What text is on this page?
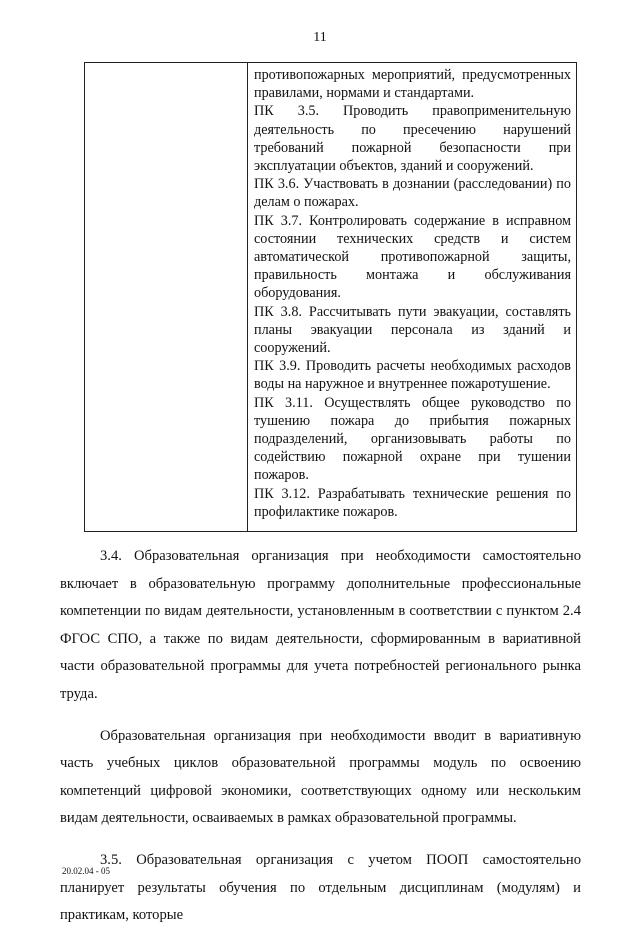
11
противопожарных мероприятий, предусмотренных правилами, нормами и стандартами.
ПК 3.5. Проводить правоприменительную деятельность по пресечению нарушений требований пожарной безопасности при эксплуатации объектов, зданий и сооружений.
ПК 3.6. Участвовать в дознании (расследовании) по делам о пожарах.
ПК 3.7. Контролировать содержание в исправном состоянии технических средств и систем автоматической противопожарной защиты, правильность монтажа и обслуживания оборудования.
ПК 3.8. Рассчитывать пути эвакуации, составлять планы эвакуации персонала из зданий и сооружений.
ПК 3.9. Проводить расчеты необходимых расходов воды на наружное и внутреннее пожаротушение.
ПК 3.11. Осуществлять общее руководство по тушению пожара до прибытия пожарных подразделений, организовывать работы по содействию пожарной охране при тушении пожаров.
ПК 3.12. Разрабатывать технические решения по профилактике пожаров.

3.4. Образовательная организация при необходимости самостоятельно включает в образовательную программу дополнительные профессиональные компетенции по видам деятельности, установленным в соответствии с пунктом 2.4 ФГОС СПО, а также по видам деятельности, сформированным в вариативной части образовательной программы для учета потребностей регионального рынка труда.

Образовательная организация при необходимости вводит в вариативную часть учебных циклов образовательной программы модуль по освоению компетенций цифровой экономики, соответствующих одному или нескольким видам деятельности, осваиваемых в рамках образовательной программы.

3.5. Образовательная организация с учетом ПООП самостоятельно планирует результаты обучения по отдельным дисциплинам (модулям) и практикам, которые

20.02.04 - 05
